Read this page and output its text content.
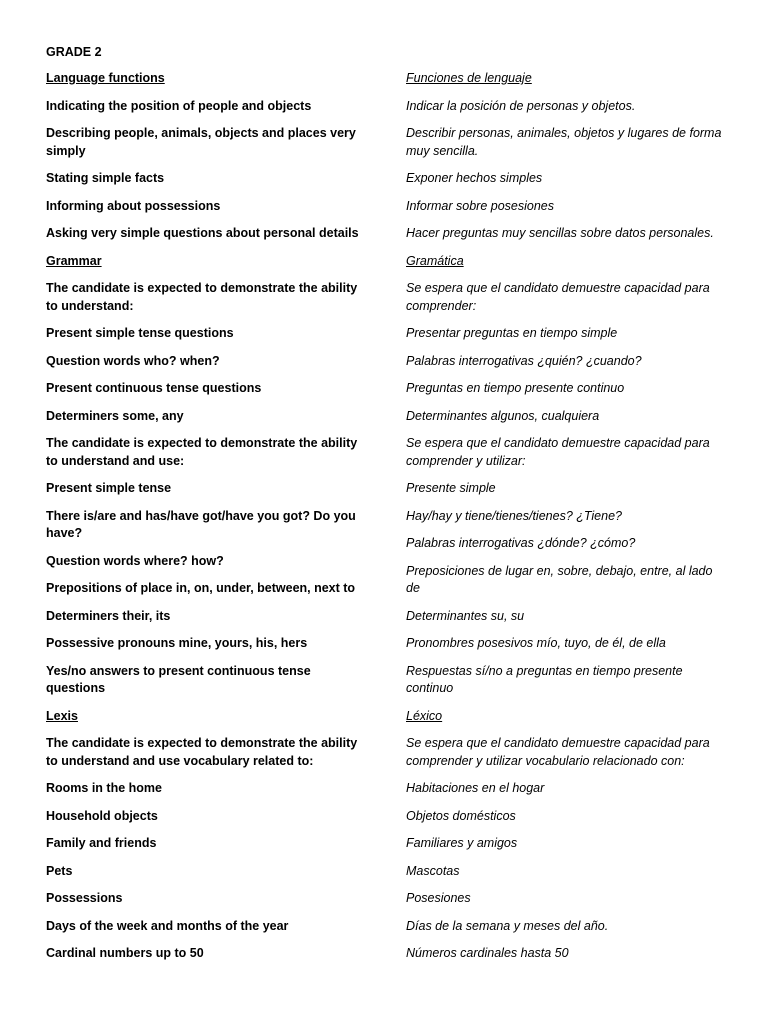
GRADE 2
Language functions
Indicating the position of people and objects
Describing people, animals, objects and places very simply
Stating simple facts
Informing about possessions
Asking very simple questions about personal details
Grammar
The candidate is expected to demonstrate the ability to understand:
Present simple tense questions
Question words who? when?
Present continuous tense questions
Determiners some, any
The candidate is expected to demonstrate the ability to understand and use:
Present simple tense
There is/are and has/have got/have you got? Do you have?
Question words where? how?
Prepositions of place in, on, under, between, next to
Determiners their, its
Possessive pronouns mine, yours, his, hers
Yes/no answers to present continuous tense questions
Lexis
The candidate is expected to demonstrate the ability to understand and use vocabulary related to:
Rooms in the home
Household objects
Family and friends
Pets
Possessions
Days of the week and months of the year
Cardinal numbers up to 50
Funciones de lenguaje
Indicar la posición de personas y objetos.
Describir personas, animales, objetos y lugares de forma muy sencilla.
Exponer hechos simples
Informar sobre posesiones
Hacer preguntas muy sencillas sobre datos personales.
Gramática
Se espera que el candidato demuestre capacidad para comprender:
Presentar preguntas en tiempo simple
Palabras interrogativas ¿quién? ¿cuando?
Preguntas en tiempo presente continuo
Determinantes algunos, cualquiera
Se espera que el candidato demuestre capacidad para comprender y utilizar:
Presente simple
Hay/hay y tiene/tienes/tienes? ¿Tiene?
Palabras interrogativas ¿dónde? ¿cómo?
Preposiciones de lugar en, sobre, debajo, entre, al lado de
Determinantes su, su
Pronombres posesivos mío, tuyo, de él, de ella
Respuestas sí/no a preguntas en tiempo presente continuo
Léxico
Se espera que el candidato demuestre capacidad para comprender y utilizar vocabulario relacionado con:
Habitaciones en el hogar
Objetos domésticos
Familiares y amigos
Mascotas
Posesiones
Días de la semana y meses del año.
Números cardinales hasta 50
